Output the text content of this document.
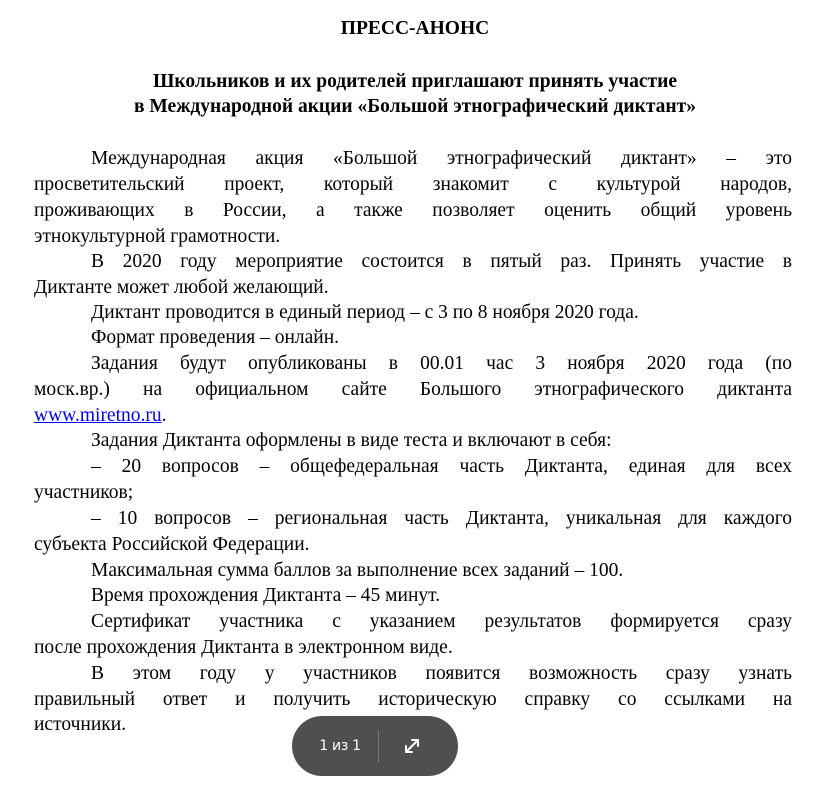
ПРЕСС-АНОНС
Школьников и их родителей приглашают принять участие
в Международной акции «Большой этнографический диктант»
Международная акция «Большой этнографический диктант» – это
просветительский проект, который знакомит с культурой народов,
проживающих в России, а также позволяет оценить общий уровень
этнокультурной грамотности.
В 2020 году мероприятие состоится в пятый раз. Принять участие в
Диктанте может любой желающий.
Диктант проводится в единый период – с 3 по 8 ноября 2020 года.
Формат проведения – онлайн.
Задания будут опубликованы в 00.01 час 3 ноября 2020 года (по
моск.вр.) на официальном сайте Большого этнографического диктанта
www.miretno.ru.
Задания Диктанта оформлены в виде теста и включают в себя:
– 20 вопросов – общефедеральная часть Диктанта, единая для всех
участников;
– 10 вопросов – региональная часть Диктанта, уникальная для каждого
субъекта Российской Федерации.
Максимальная сумма баллов за выполнение всех заданий – 100.
Время прохождения Диктанта – 45 минут.
Сертификат участника с указанием результатов формируется сразу
после прохождения Диктанта в электронном виде.
В этом году у участников появится возможность сразу узнать
правильный ответ и получить историческую справку со ссылками на
источники.
1 из 1
